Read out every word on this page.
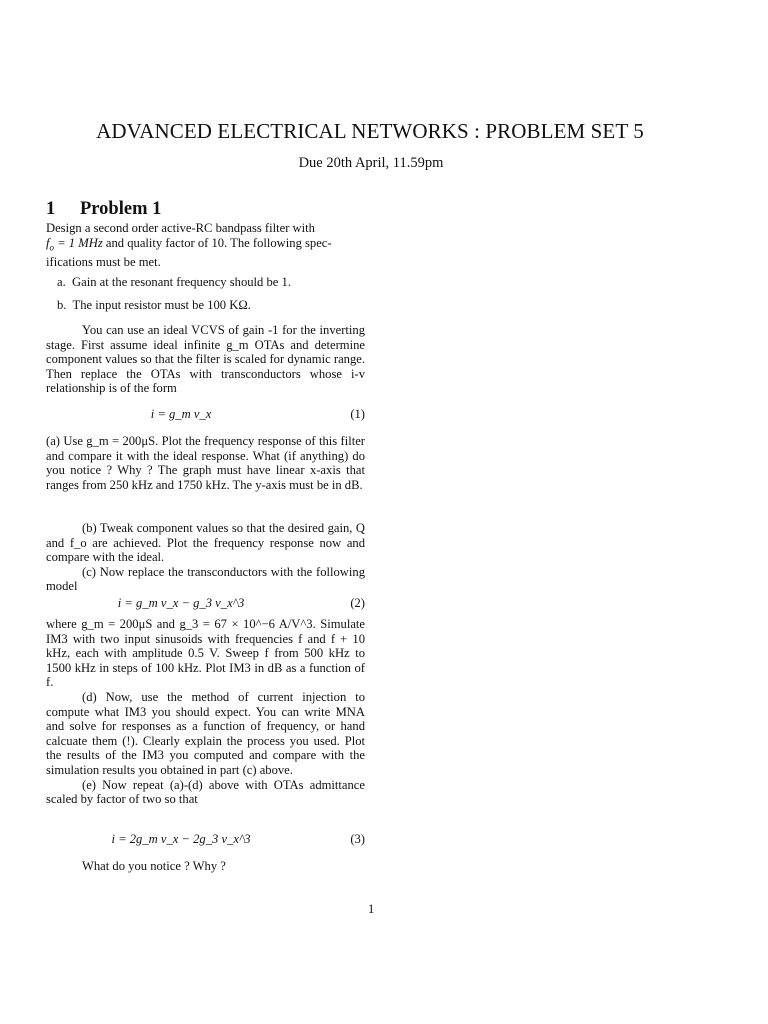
ADVANCED ELECTRICAL NETWORKS : PROBLEM SET 5
Due 20th April, 11.59pm
1 Problem 1

Design a second order active-RC bandpass filter with

$f_o = 1$ MHz and quality factor of 10. The following spec-

ifications must be met.

a. Gain at the resonant frequency should be 1.
b. The input resistor must be 100 KΩ.

You can use an ideal VCVS of gain -1 for the inverting stage. First assume ideal infinite g_m OTAs and determine component values so that the filter is scaled for dynamic range. Then replace the OTAs with transconductors whose i-v relationship is of the form

i = g_m v_x	(1)

(a) Use g_m = 200μS. Plot the frequency response of this filter and compare it with the ideal response. What (if anything) do you notice ? Why ? The graph must have linear x-axis that ranges from 250 kHz and 1750 kHz. The y-axis must be in dB.

(b) Tweak component values so that the desired gain, Q and f_o are achieved. Plot the frequency response now and compare with the ideal.

(c) Now replace the transconductors with the following model

i = g_m v_x − g_3 v_x^3	(2)

where g_m = 200μS and g_3 = 67 × 10^−6 A/V^3. Simulate IM3 with two input sinusoids with frequencies f and f + 10 kHz, each with amplitude 0.5 V. Sweep f from 500 kHz to 1500 kHz in steps of 100 kHz. Plot IM3 in dB as a function of f.

(d) Now, use the method of current injection to compute what IM3 you should expect. You can write MNA and solve for responses as a function of frequency, or hand calcuate them (!). Clearly explain the process you used. Plot the results of the IM3 you computed and compare with the simulation results you obtained in part (c) above.

(e) Now repeat (a)-(d) above with OTAs admittance scaled by factor of two so that

i = 2g_m v_x − 2g_3 v_x^3	(3)

What do you notice ? Why ?

1
